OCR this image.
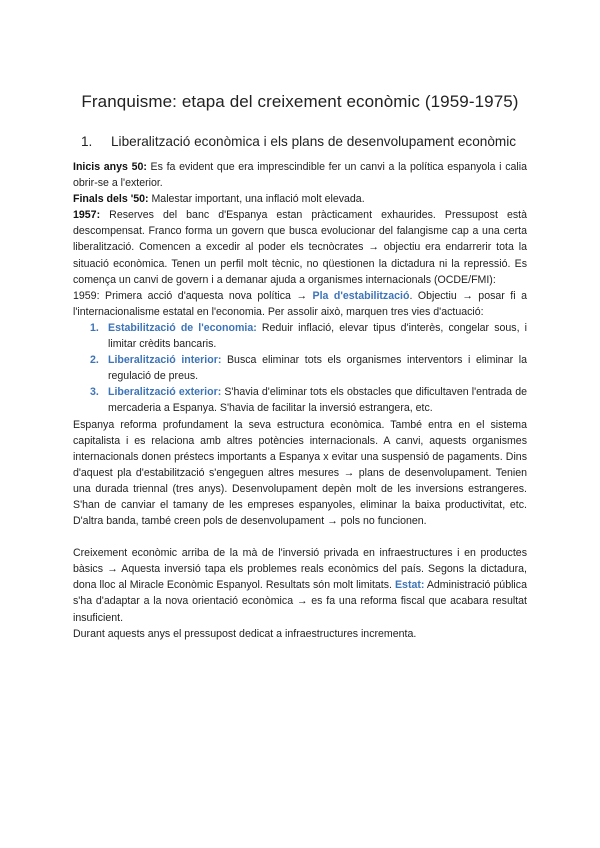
Franquisme: etapa del creixement econòmic (1959-1975)
1. Liberalització econòmica i els plans de desenvolupament econòmic

Inicis anys 50: Es fa evident que era imprescindible fer un canvi a la política espanyola i calia obrir-se a l'exterior.

Finals dels '50: Malestar important, una inflació molt elevada.

1957: Reserves del banc d'Espanya estan pràcticament exhaurides. Pressupost està descompensat. Franco forma un govern que busca evolucionar del falangisme cap a una certa liberalització. Comencen a excedir al poder els tecnòcrates → objectiu era endarrerir tota la situació econòmica. Tenen un perfil molt tècnic, no qüestionen la dictadura ni la repressió. Es comença un canvi de govern i a demanar ajuda a organismes internacionals (OCDE/FMI):

1959: Primera acció d'aquesta nova política → Pla d'estabilització. Objectiu → posar fi a l'internacionalisme estatal en l'economia. Per assolir això, marquen tres vies d'actuació:

1. Estabilització de l'economia: Reduir inflació, elevar tipus d'interès, congelar sous, i limitar crèdits bancaris.
2. Liberalització interior: Busca eliminar tots els organismes interventors i eliminar la regulació de preus.
3. Liberalització exterior: S'havia d'eliminar tots els obstacles que dificultaven l'entrada de mercaderia a Espanya. S'havia de facilitar la inversió estrangera, etc.

Espanya reforma profundament la seva estructura econòmica. També entra en el sistema capitalista i es relaciona amb altres potències internacionals. A canvi, aquests organismes internacionals donen préstecs importants a Espanya x evitar una suspensió de pagaments. Dins d'aquest pla d'estabilització s'engeguen altres mesures → plans de desenvolupament. Tenien una durada triennal (tres anys). Desenvolupament depèn molt de les inversions estrangeres. S'han de canviar el tamany de les empreses espanyoles, eliminar la baixa productivitat, etc. D'altra banda, també creen pols de desenvolupament → pols no funcionen.

Creixement econòmic arriba de la mà de l'inversió privada en infraestructures i en productes bàsics → Aquesta inversió tapa els problemes reals econòmics del país. Segons la dictadura, dona lloc al Miracle Econòmic Espanyol. Resultats són molt limitats. Estat: Administració pública s'ha d'adaptar a la nova orientació econòmica → es fa una reforma fiscal que acabara resultat insuficient.

Durant aquests anys el pressupost dedicat a infraestructures incrementa.
